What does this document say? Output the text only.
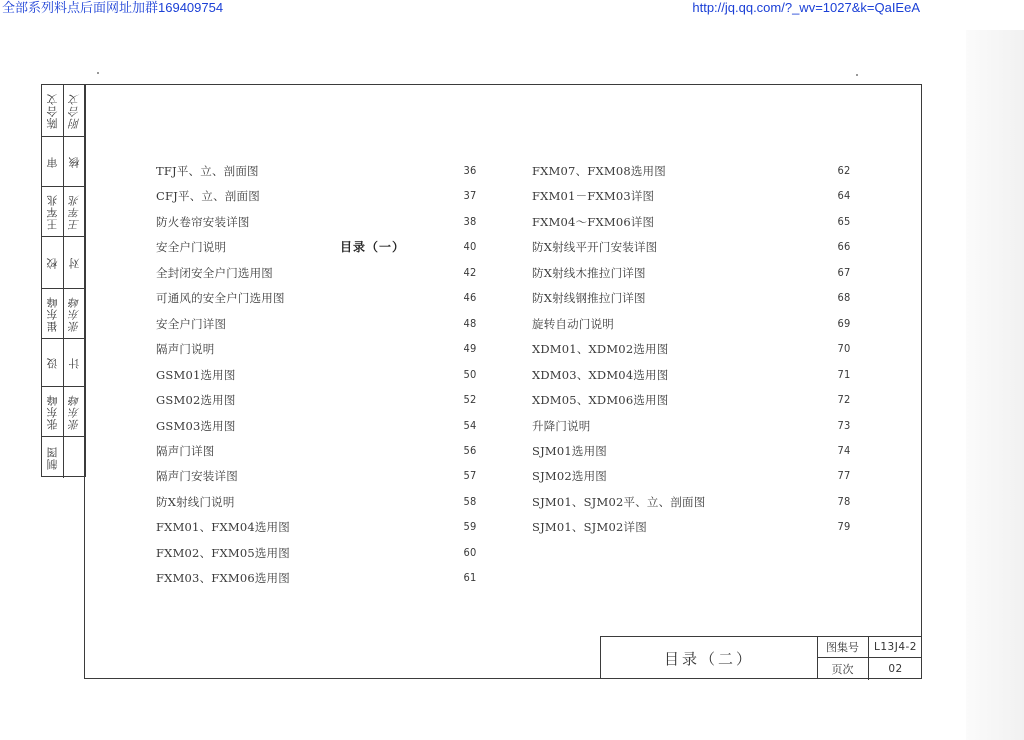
全部系列料点后面网址加群169409754	http://jq.qq.com/?_wv=1027&k=QaIEeA
陈合文 附合文
审 核
王军兆 王军兆
校 对
崔东峰 张东峰
设 计
张东峰 张东峰
制图
目录（一）
TFJ平、立、剖面图	36
CFJ平、立、剖面图	37
防火卷帘安装详图	38
安全户门说明	40
全封闭安全户门选用图	42
可通风的安全户门选用图	46
安全户门详图	48
隔声门说明	49
GSM01选用图	50
GSM02选用图	52
GSM03选用图	54
隔声门详图	56
隔声门安装详图	57
防X射线门说明	58
FXM01、FXM04选用图	59
FXM02、FXM05选用图	60
FXM03、FXM06选用图	61
FXM07、FXM08选用图	62
FXM01－FXM03详图	64
FXM04～FXM06详图	65
防X射线平开门安装详图	66
防X射线木推拉门详图	67
防X射线钢推拉门详图	68
旋转自动门说明	69
XDM01、XDM02选用图	70
XDM03、XDM04选用图	71
XDM05、XDM06选用图	72
升降门说明	73
SJM01选用图	74
SJM02选用图	77
SJM01、SJM02平、立、剖面图	78
SJM01、SJM02详图	79
目录（二）
图集号	L13J4-2
页次	02
